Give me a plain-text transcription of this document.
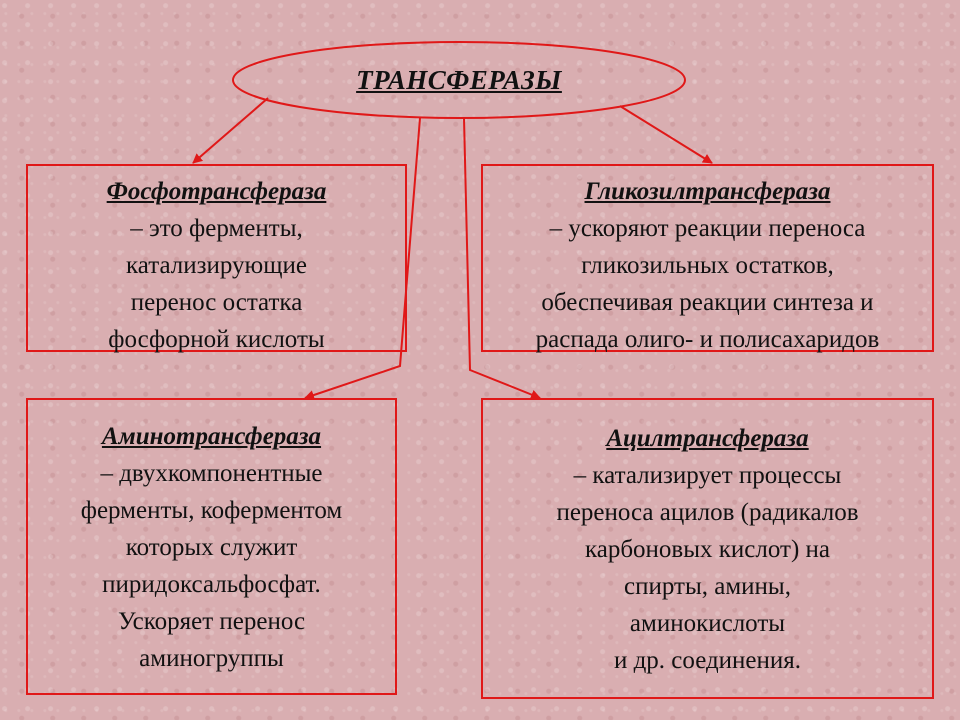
ТРАНСФЕРАЗЫ
Фосфотрансфераза
– это ферменты,
катализирующие
перенос остатка
фосфорной кислоты
Гликозилтрансфераза
– ускоряют реакции переноса
гликозильных остатков,
обеспечивая реакции синтеза и
распада олиго- и полисахаридов
Аминотрансфераза
– двухкомпонентные
ферменты, коферментом
которых служит
пиридоксальфосфат.
Ускоряет перенос
аминогруппы
Ацилтрансфераза
– катализирует процессы
переноса ацилов (радикалов
карбоновых кислот) на
спирты, амины,
аминокислоты
и др. соединения.
